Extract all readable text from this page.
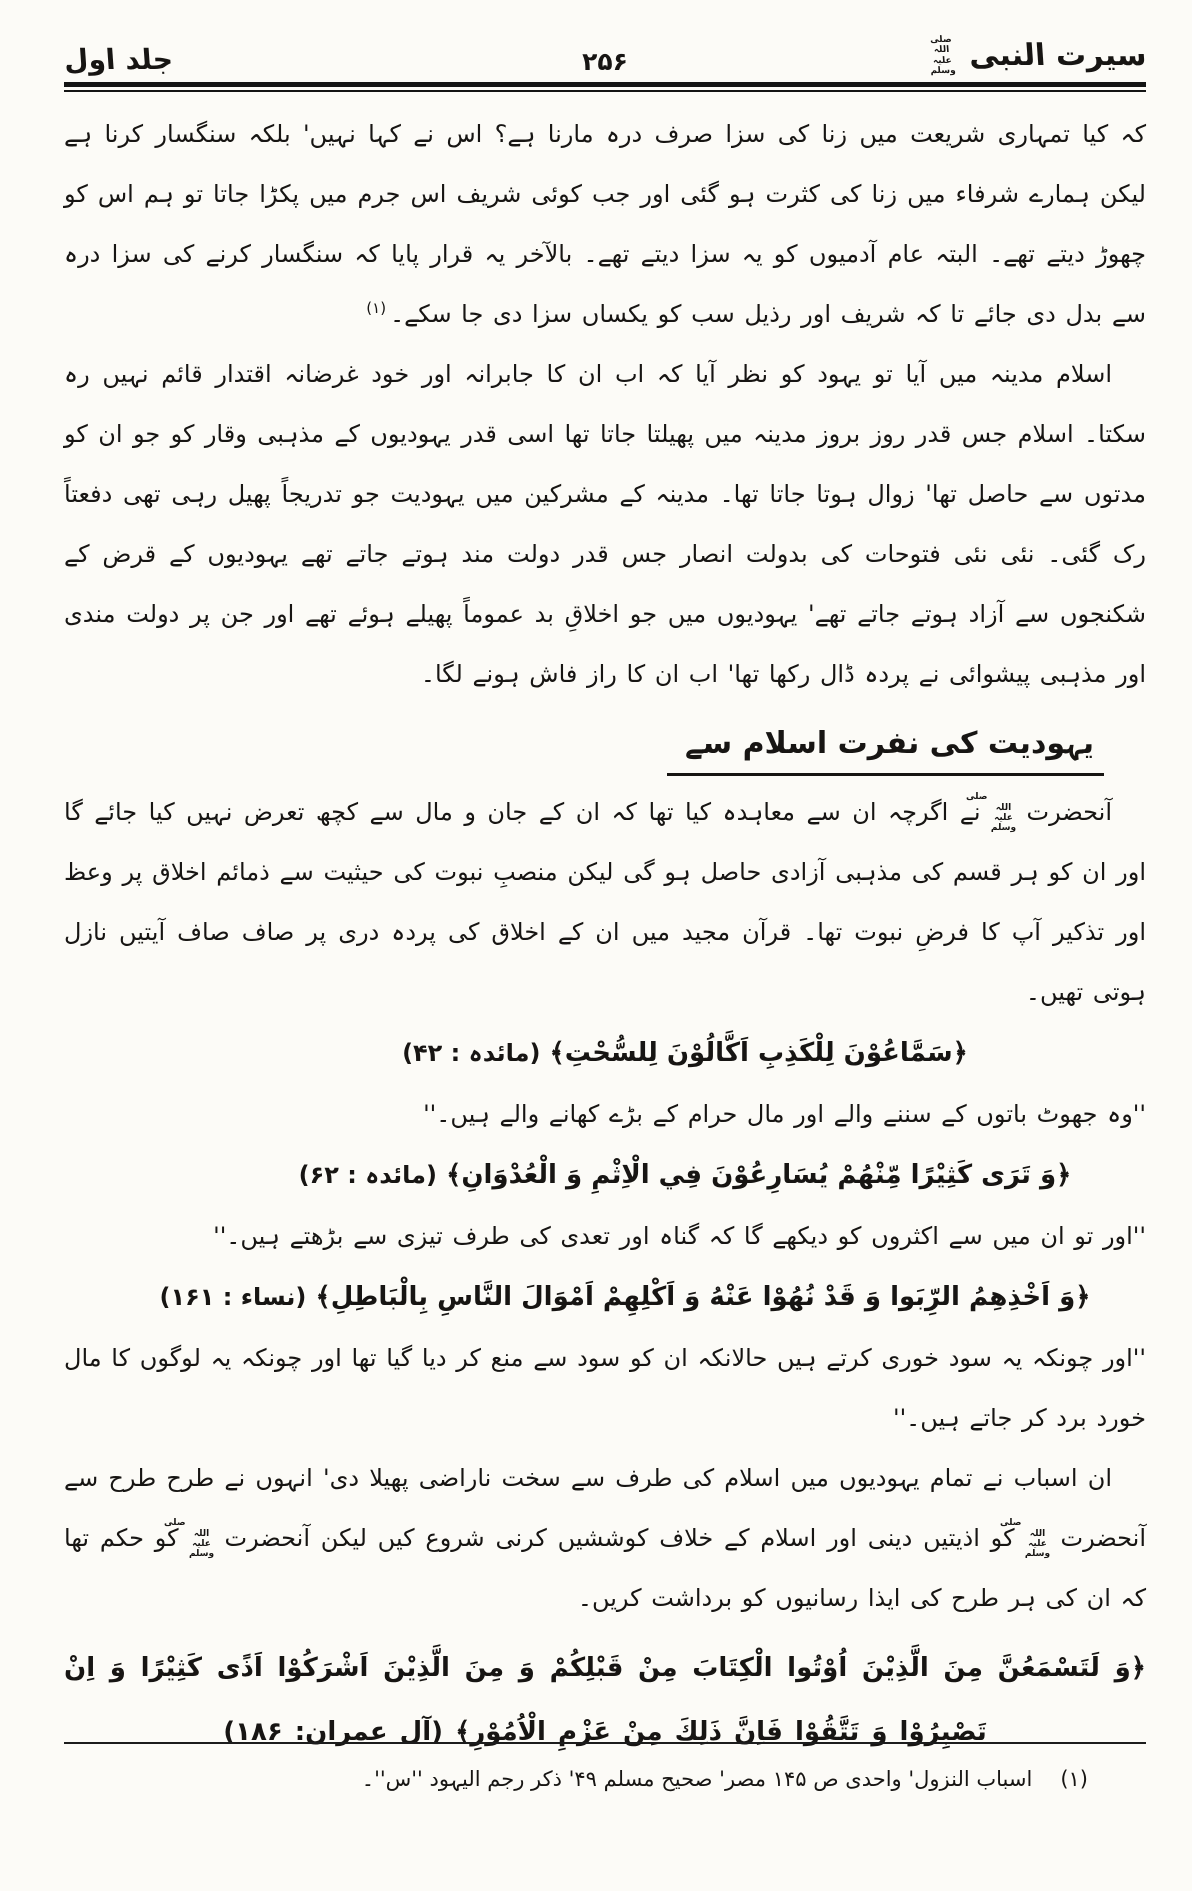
سیرت النبی
صلی اللہ علیہ وسلم
۲۵۶
جلد اول

کہ کیا تمہاری شریعت میں زنا کی سزا صرف درہ مارنا ہے؟ اس نے کہا نہیں' بلکہ سنگسار کرنا ہے لیکن ہمارے شرفاء میں زنا کی کثرت ہو گئی اور جب کوئی شریف اس جرم میں پکڑا جاتا تو ہم اس کو چھوڑ دیتے تھے۔ البتہ عام آدمیوں کو یہ سزا دیتے تھے۔ بالآخر یہ قرار پایا کہ سنگسار کرنے کی سزا درہ سے بدل دی جائے تا کہ شریف اور رذیل سب کو یکساں سزا دی جا سکے۔$^{(۱)}$

اسلام مدینہ میں آیا تو یہود کو نظر آیا کہ اب ان کا جابرانہ اور خود غرضانہ اقتدار قائم نہیں رہ سکتا۔ اسلام جس قدر روز بروز مدینہ میں پھیلتا جاتا تھا اسی قدر یہودیوں کے مذہبی وقار کو جو ان کو مدتوں سے حاصل تھا' زوال ہوتا جاتا تھا۔ مدینہ کے مشرکین میں یہودیت جو تدریجاً پھیل رہی تھی دفعتاً رک گئی۔ نئی نئی فتوحات کی بدولت انصار جس قدر دولت مند ہوتے جاتے تھے یہودیوں کے قرض کے شکنجوں سے آزاد ہوتے جاتے تھے' یہودیوں میں جو اخلاقِ بد عموماً پھیلے ہوئے تھے اور جن پر دولت مندی اور مذہبی پیشوائی نے پردہ ڈال رکھا تھا' اب ان کا راز فاش ہونے لگا۔

یہودیت کی نفرت اسلام سے

آنحضرتصلی اللہ علیہ وسلمنے اگرچہ ان سے معاہدہ کیا تھا کہ ان کے جان و مال سے کچھ تعرض نہیں کیا جائے گا اور ان کو ہر قسم کی مذہبی آزادی حاصل ہو گی لیکن منصبِ نبوت کی حیثیت سے ذمائم اخلاق پر وعظ اور تذکیر آپ کا فرضِ نبوت تھا۔ قرآن مجید میں ان کے اخلاق کی پردہ دری پر صاف صاف آیتیں نازل ہوتی تھیں۔

﴿سَمَّاعُوْنَ لِلْكَذِبِ اَكَّالُوْنَ لِلسُّحْتِ﴾ (مائدہ : ۴۲)

''وہ جھوٹ باتوں کے سننے والے اور مال حرام کے بڑے کھانے والے ہیں۔''

﴿وَ تَرَى كَثِيْرًا مِّنْهُمْ يُسَارِعُوْنَ فِي الْاِثْمِ وَ الْعُدْوَانِ﴾ (مائدہ : ۶۲)

''اور تو ان میں سے اکثروں کو دیکھے گا کہ گناہ اور تعدی کی طرف تیزی سے بڑھتے ہیں۔''

﴿وَ اَخْذِهِمُ الرِّبَوا وَ قَدْ نُهُوْا عَنْهُ وَ اَكْلِهِمْ اَمْوَالَ النَّاسِ بِالْبَاطِلِ﴾ (نساء : ۱۶۱)

''اور چونکہ یہ سود خوری کرتے ہیں حالانکہ ان کو سود سے منع کر دیا گیا تھا اور چونکہ یہ لوگوں کا مال خورد برد کر جاتے ہیں۔''

ان اسباب نے تمام یہودیوں میں اسلام کی طرف سے سخت ناراضی پھیلا دی' انہوں نے طرح طرح سے آنحضرتصلی اللہ علیہ وسلمکو اذیتیں دینی اور اسلام کے خلاف کوششیں کرنی شروع کیں لیکن آنحضرتصلی اللہ علیہ وسلمکو حکم تھا کہ ان کی ہر طرح کی ایذا رسانیوں کو برداشت کریں۔

﴿وَ لَتَسْمَعُنَّ مِنَ الَّذِيْنَ اُوْتُوا الْكِتَابَ مِنْ قَبْلِكُمْ وَ مِنَ الَّذِيْنَ اَشْرَكُوْا اَذًى كَثِيْرًا وَ اِنْ تَصْبِرُوْا وَ تَتَّقُوْا فَاِنَّ ذَلِكَ مِنْ عَزْمِ الْاُمُوْرِ﴾ (آل عمران: ۱۸۶)
(۱)
اسباب النزول' واحدی ص ۱۴۵ مصر' صحیح مسلم ۴۹' ذکر رجم الیہود ''س''۔
